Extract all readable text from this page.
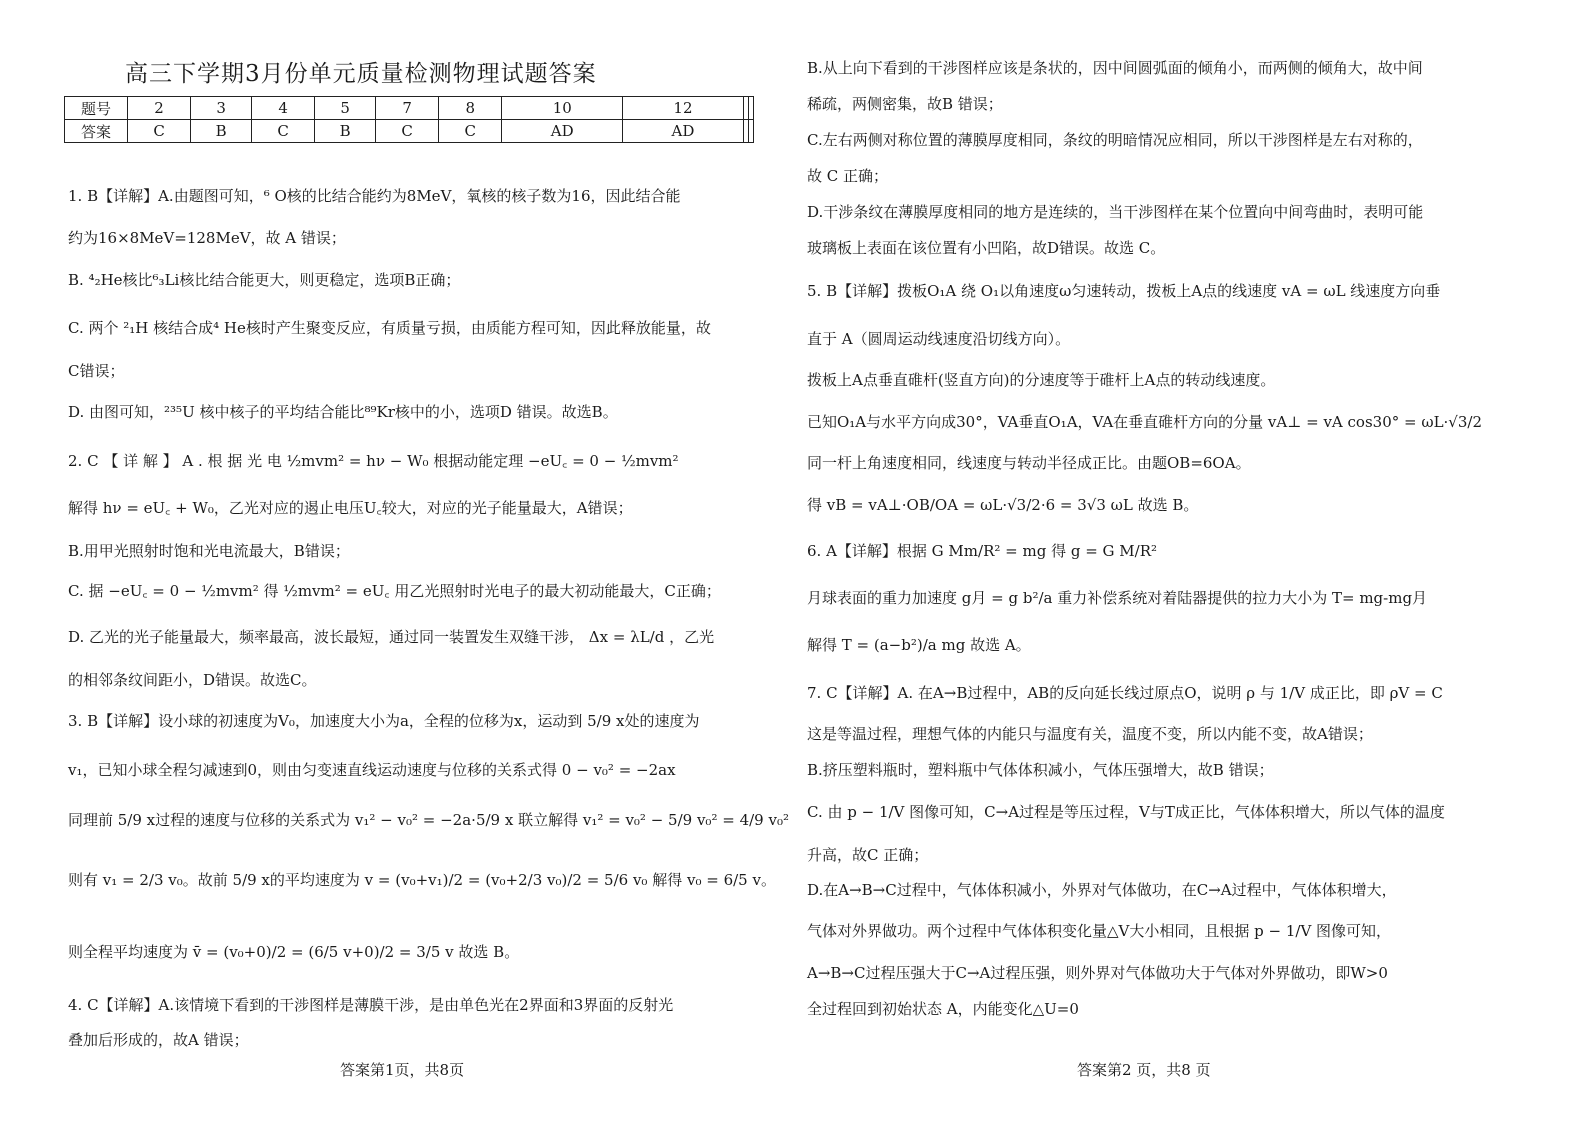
高三下学期3月份单元质量检测物理试题答案
题号	2	3	4	5	7	8	10	12		
答案	C	B	C	B	C	C	AD	AD		
1. B【详解】A.由题图可知，⁶ O核的比结合能约为8MeV，氧核的核子数为16，因此结合能
约为16×8MeV=128MeV，故 A 错误；
B. ⁴₂He核比⁶₃Li核比结合能更大，则更稳定，选项B正确；
C. 两个 ²₁H 核结合成⁴ He核时产生聚变反应，有质量亏损，由质能方程可知，因此释放能量，故
C错误；
D. 由图可知，²³⁵U 核中核子的平均结合能比⁸⁹Kr核中的小，选项D 错误。故选B。
2. C 【 详 解 】 A . 根 据 光 电 ½mvm² = hν − W₀ 根据动能定理 −eU꜀ = 0 − ½mvm²
解得 hν = eU꜀ + W₀，乙光对应的遏止电压U꜀较大，对应的光子能量最大，A错误；
B.用甲光照射时饱和光电流最大，B错误；
C. 据 −eU꜀ = 0 − ½mvm² 得 ½mvm² = eU꜀ 用乙光照射时光电子的最大初动能最大，C正确；
D. 乙光的光子能量最大，频率最高，波长最短，通过同一装置发生双缝干涉， Δx = λL/d ，乙光
的相邻条纹间距小，D错误。故选C。
3. B【详解】设小球的初速度为V₀，加速度大小为a，全程的位移为x，运动到 5/9 x处的速度为
v₁，已知小球全程匀减速到0，则由匀变速直线运动速度与位移的关系式得 0 − v₀² = −2ax
同理前 5/9 x过程的速度与位移的关系式为 v₁² − v₀² = −2a·5/9 x 联立解得 v₁² = v₀² − 5/9 v₀² = 4/9 v₀²
则有 v₁ = 2/3 v₀。故前 5/9 x的平均速度为 v = (v₀+v₁)/2 = (v₀+2/3 v₀)/2 = 5/6 v₀ 解得 v₀ = 6/5 v。
则全程平均速度为 v̄ = (v₀+0)/2 = (6/5 v+0)/2 = 3/5 v 故选 B。
4. C【详解】A.该情境下看到的干涉图样是薄膜干涉，是由单色光在2界面和3界面的反射光
叠加后形成的，故A 错误；
答案第1页，共8页
B.从上向下看到的干涉图样应该是条状的，因中间圆弧面的倾角小，而两侧的倾角大，故中间
稀疏，两侧密集，故B 错误；
C.左右两侧对称位置的薄膜厚度相同，条纹的明暗情况应相同，所以干涉图样是左右对称的，
故 C 正确；
D.干涉条纹在薄膜厚度相同的地方是连续的，当干涉图样在某个位置向中间弯曲时，表明可能
玻璃板上表面在该位置有小凹陷，故D错误。故选 C。
5. B【详解】拨板O₁A 绕 O₁以角速度ω匀速转动，拨板上A点的线速度 vA = ωL 线速度方向垂
直于 A（圆周运动线速度沿切线方向）。
拨板上A点垂直碓杆(竖直方向)的分速度等于碓杆上A点的转动线速度。
已知O₁A与水平方向成30°，VA垂直O₁A，VA在垂直碓杆方向的分量 vA⊥ = vA cos30° = ωL·√3/2
同一杆上角速度相同，线速度与转动半径成正比。由题OB=6OA。
得 vB = vA⊥·OB/OA = ωL·√3/2·6 = 3√3 ωL 故选 B。
6. A【详解】根据 G Mm/R² = mg 得 g = G M/R²
月球表面的重力加速度 g月 = g b²/a 重力补偿系统对着陆器提供的拉力大小为 T= mg-mg月
解得 T = (a−b²)/a mg 故选 A。
7. C【详解】A. 在A→B过程中，AB的反向延长线过原点O，说明 ρ 与 1/V 成正比，即 ρV = C
这是等温过程，理想气体的内能只与温度有关，温度不变，所以内能不变，故A错误；
B.挤压塑料瓶时，塑料瓶中气体体积减小，气体压强增大，故B 错误；
C. 由 p − 1/V 图像可知，C→A过程是等压过程，V与T成正比，气体体积增大，所以气体的温度
升高，故C 正确；
D.在A→B→C过程中，气体体积减小，外界对气体做功，在C→A过程中，气体体积增大，
气体对外界做功。两个过程中气体体积变化量△V大小相同，且根据 p − 1/V 图像可知，
A→B→C过程压强大于C→A过程压强，则外界对气体做功大于气体对外界做功，即W>0
全过程回到初始状态 A，内能变化△U=0
答案第2 页，共8 页
